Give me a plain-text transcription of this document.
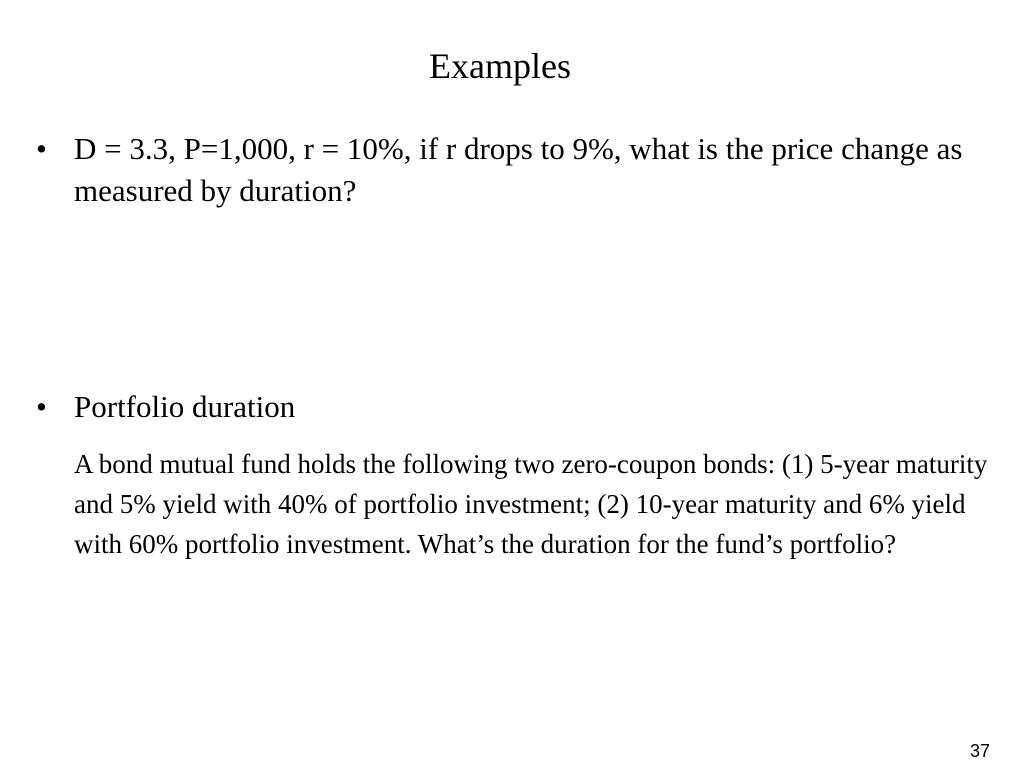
Examples
• D = 3.3, P=1,000, r = 10%, if r drops to 9%, what is the price change as measured by duration?
• Portfolio duration
A bond mutual fund holds the following two zero-coupon bonds: (1) 5-year maturity and 5% yield with 40% of portfolio investment; (2) 10-year maturity and 6% yield with 60% portfolio investment. What’s the duration for the fund’s portfolio?
37
